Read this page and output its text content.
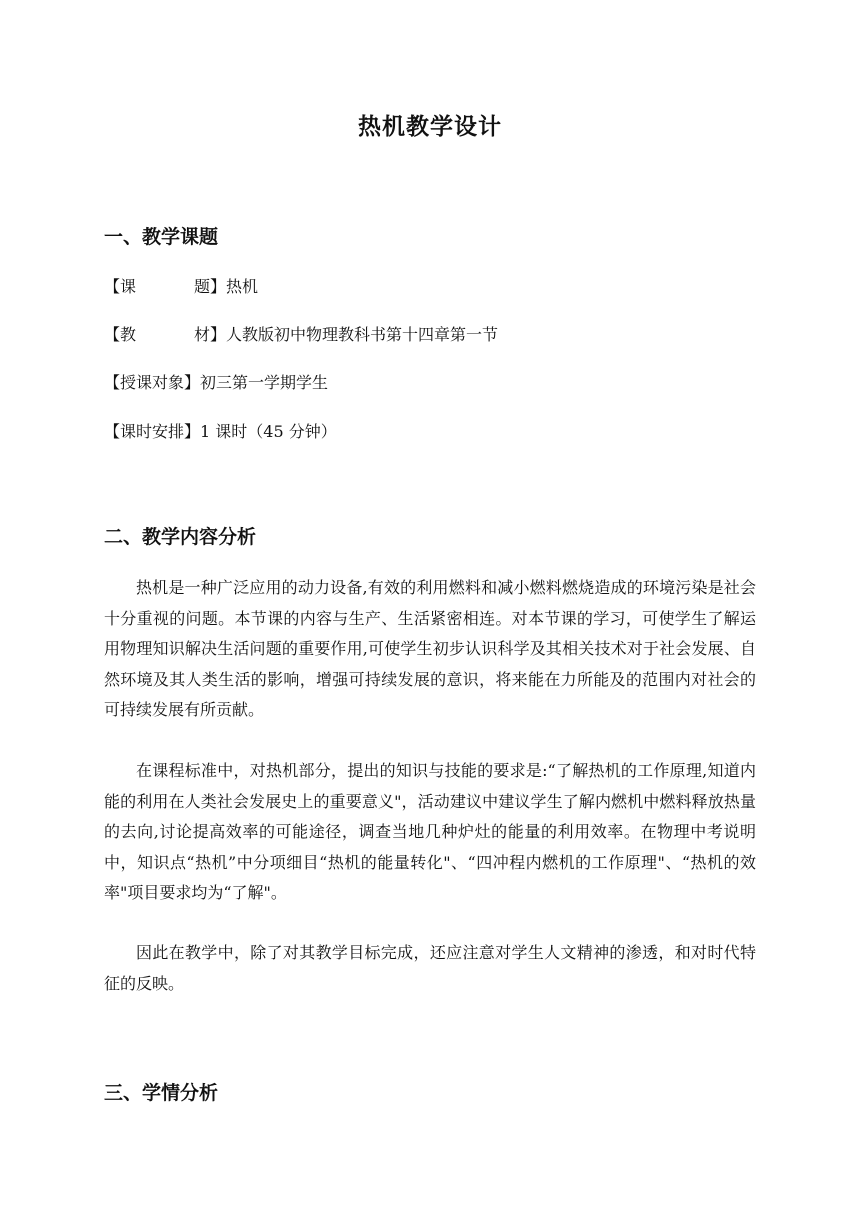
热机教学设计
一、教学课题

【课	题】热机

【教	材】人教版初中物理教科书第十四章第一节

【授课对象】初三第一学期学生

【课时安排】1 课时（45 分钟）

二、教学内容分析

热机是一种广泛应用的动力设备,有效的利用燃料和减小燃料燃烧造成的环境污染是社会十分重视的问题。本节课的内容与生产、生活紧密相连。对本节课的学习，可使学生了解运用物理知识解决生活问题的重要作用,可使学生初步认识科学及其相关技术对于社会发展、自然环境及其人类生活的影响，增强可持续发展的意识，将来能在力所能及的范围内对社会的可持续发展有所贡献。

在课程标准中，对热机部分，提出的知识与技能的要求是:“了解热机的工作原理,知道内能的利用在人类社会发展史上的重要意义"，活动建议中建议学生了解内燃机中燃料释放热量的去向,讨论提高效率的可能途径，调查当地几种炉灶的能量的利用效率。在物理中考说明中，知识点“热机”中分项细目“热机的能量转化"、“四冲程内燃机的工作原理"、“热机的效率"项目要求均为“了解"。

因此在教学中，除了对其教学目标完成，还应注意对学生人文精神的渗透，和对时代特征的反映。

三、学情分析
